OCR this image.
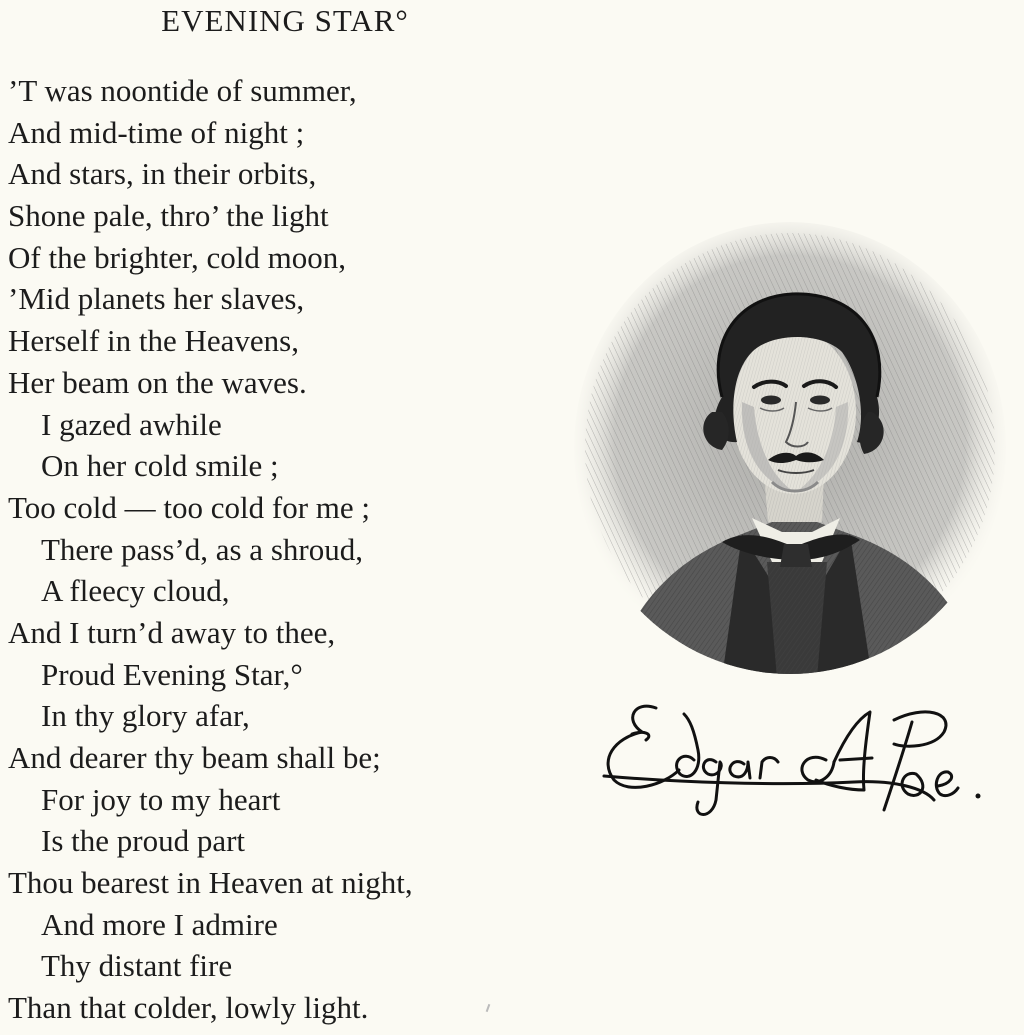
EVENING STAR°
’T was noontide of summer,
And mid-time of night ;
And stars, in their orbits,
Shone pale, thro’ the light
Of the brighter, cold moon,
’Mid planets her slaves,
Herself in the Heavens,
Her beam on the waves.
I gazed awhile
On her cold smile ;
Too cold — too cold for me ;
There pass’d, as a shroud,
A fleecy cloud,
And I turn’d away to thee,
Proud Evening Star,°
In thy glory afar,
And dearer thy beam shall be;
For joy to my heart
Is the proud part
Thou bearest in Heaven at night,
And more I admire
Thy distant fire
Than that colder, lowly light.
